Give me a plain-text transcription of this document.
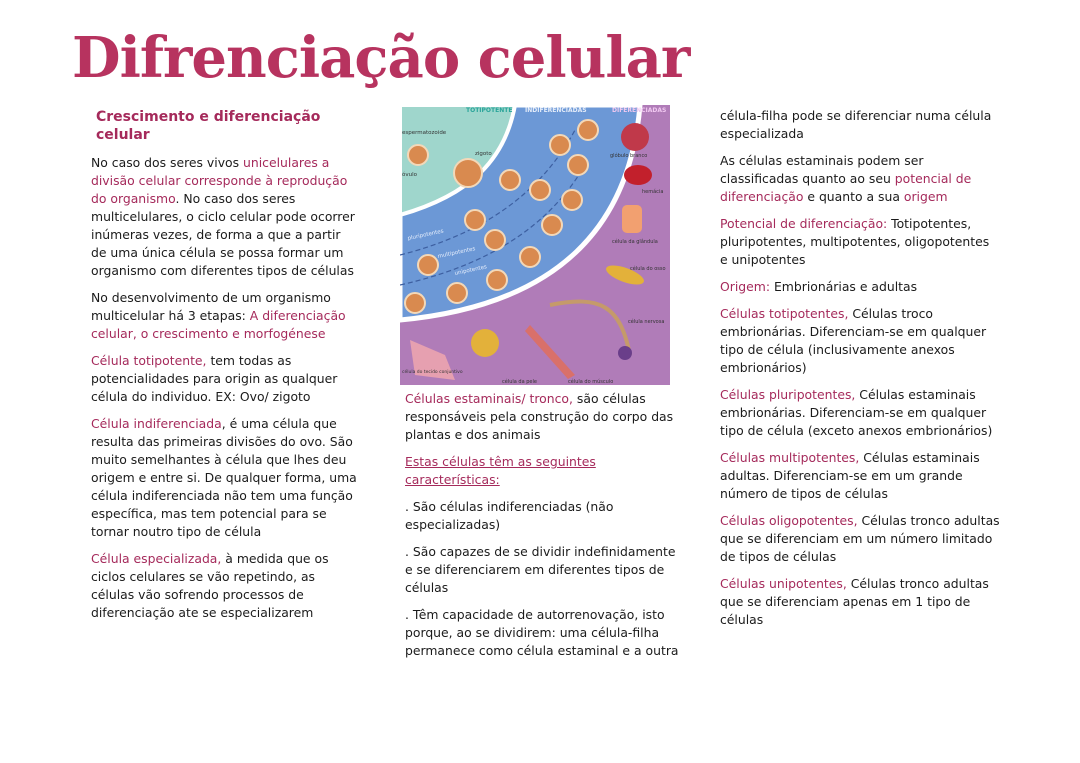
Difrenciação celular

Crescimento e diferenciação celular

No caso dos seres vivos unicelulares a divisão celular corresponde à reprodução do organismo. No caso dos seres multicelulares, o ciclo celular pode ocorrer inúmeras vezes, de forma a que a partir de uma única célula se possa formar um organismo com diferentes tipos de células

No desenvolvimento de um organismo multicelular há 3 etapas: A diferenciação celular, o crescimento e morfogénese

Célula totipotente, tem todas as potencialidades para origin as qualquer célula do individuo. EX: Ovo/ zigoto

Célula indiferenciada, é uma célula que resulta das primeiras divisões do ovo. São muito semelhantes à célula que lhes deu origem e entre si. De qualquer forma, uma célula indiferenciada não tem uma função específica, mas tem potencial para se tornar noutro tipo de célula

Célula especializada, à medida que os ciclos celulares se vão repetindo, as células vão sofrendo processos de diferenciação ate se especializarem

TOTIPOTENTE INDIFERENCIADAS	DIFERENCIADAS
pluripotentes
multipotentes
unipotentes
espermatozoide
óvulo
zigoto	glóbulo branco
hemácia
célula da glândula
célula do osso
célula nervosa
célula do tecido conjuntivo
célula da pele	célula do músculo

Células estaminais/ tronco, são células responsáveis pela construção do corpo das plantas e dos animais

Estas células têm as seguintes características:

. São células indiferenciadas (não especializadas)

. São capazes de se dividir indefinidamente e se diferenciarem em diferentes tipos de células

. Têm capacidade de autorrenovação, isto porque, ao se dividirem: uma célula-filha permanece como célula estaminal e a outra

célula-filha pode se diferenciar numa célula especializada

As células estaminais podem ser classificadas quanto ao seu potencial de diferenciação e quanto a sua origem

Potencial de diferenciação: Totipotentes, pluripotentes, multipotentes, oligopotentes e unipotentes

Origem: Embrionárias e adultas

Células totipotentes, Células troco embrionárias. Diferenciam-se em qualquer tipo de célula (inclusivamente anexos embrionários)

Células pluripotentes, Células estaminais embrionárias. Diferenciam-se em qualquer tipo de célula (exceto anexos embrionários)

Células multipotentes, Células estaminais adultas. Diferenciam-se em um grande número de tipos de células

Células oligopotentes, Células tronco adultas que se diferenciam em um número limitado de tipos de células

Células unipotentes, Células tronco adultas que se diferenciam apenas em 1 tipo de células
